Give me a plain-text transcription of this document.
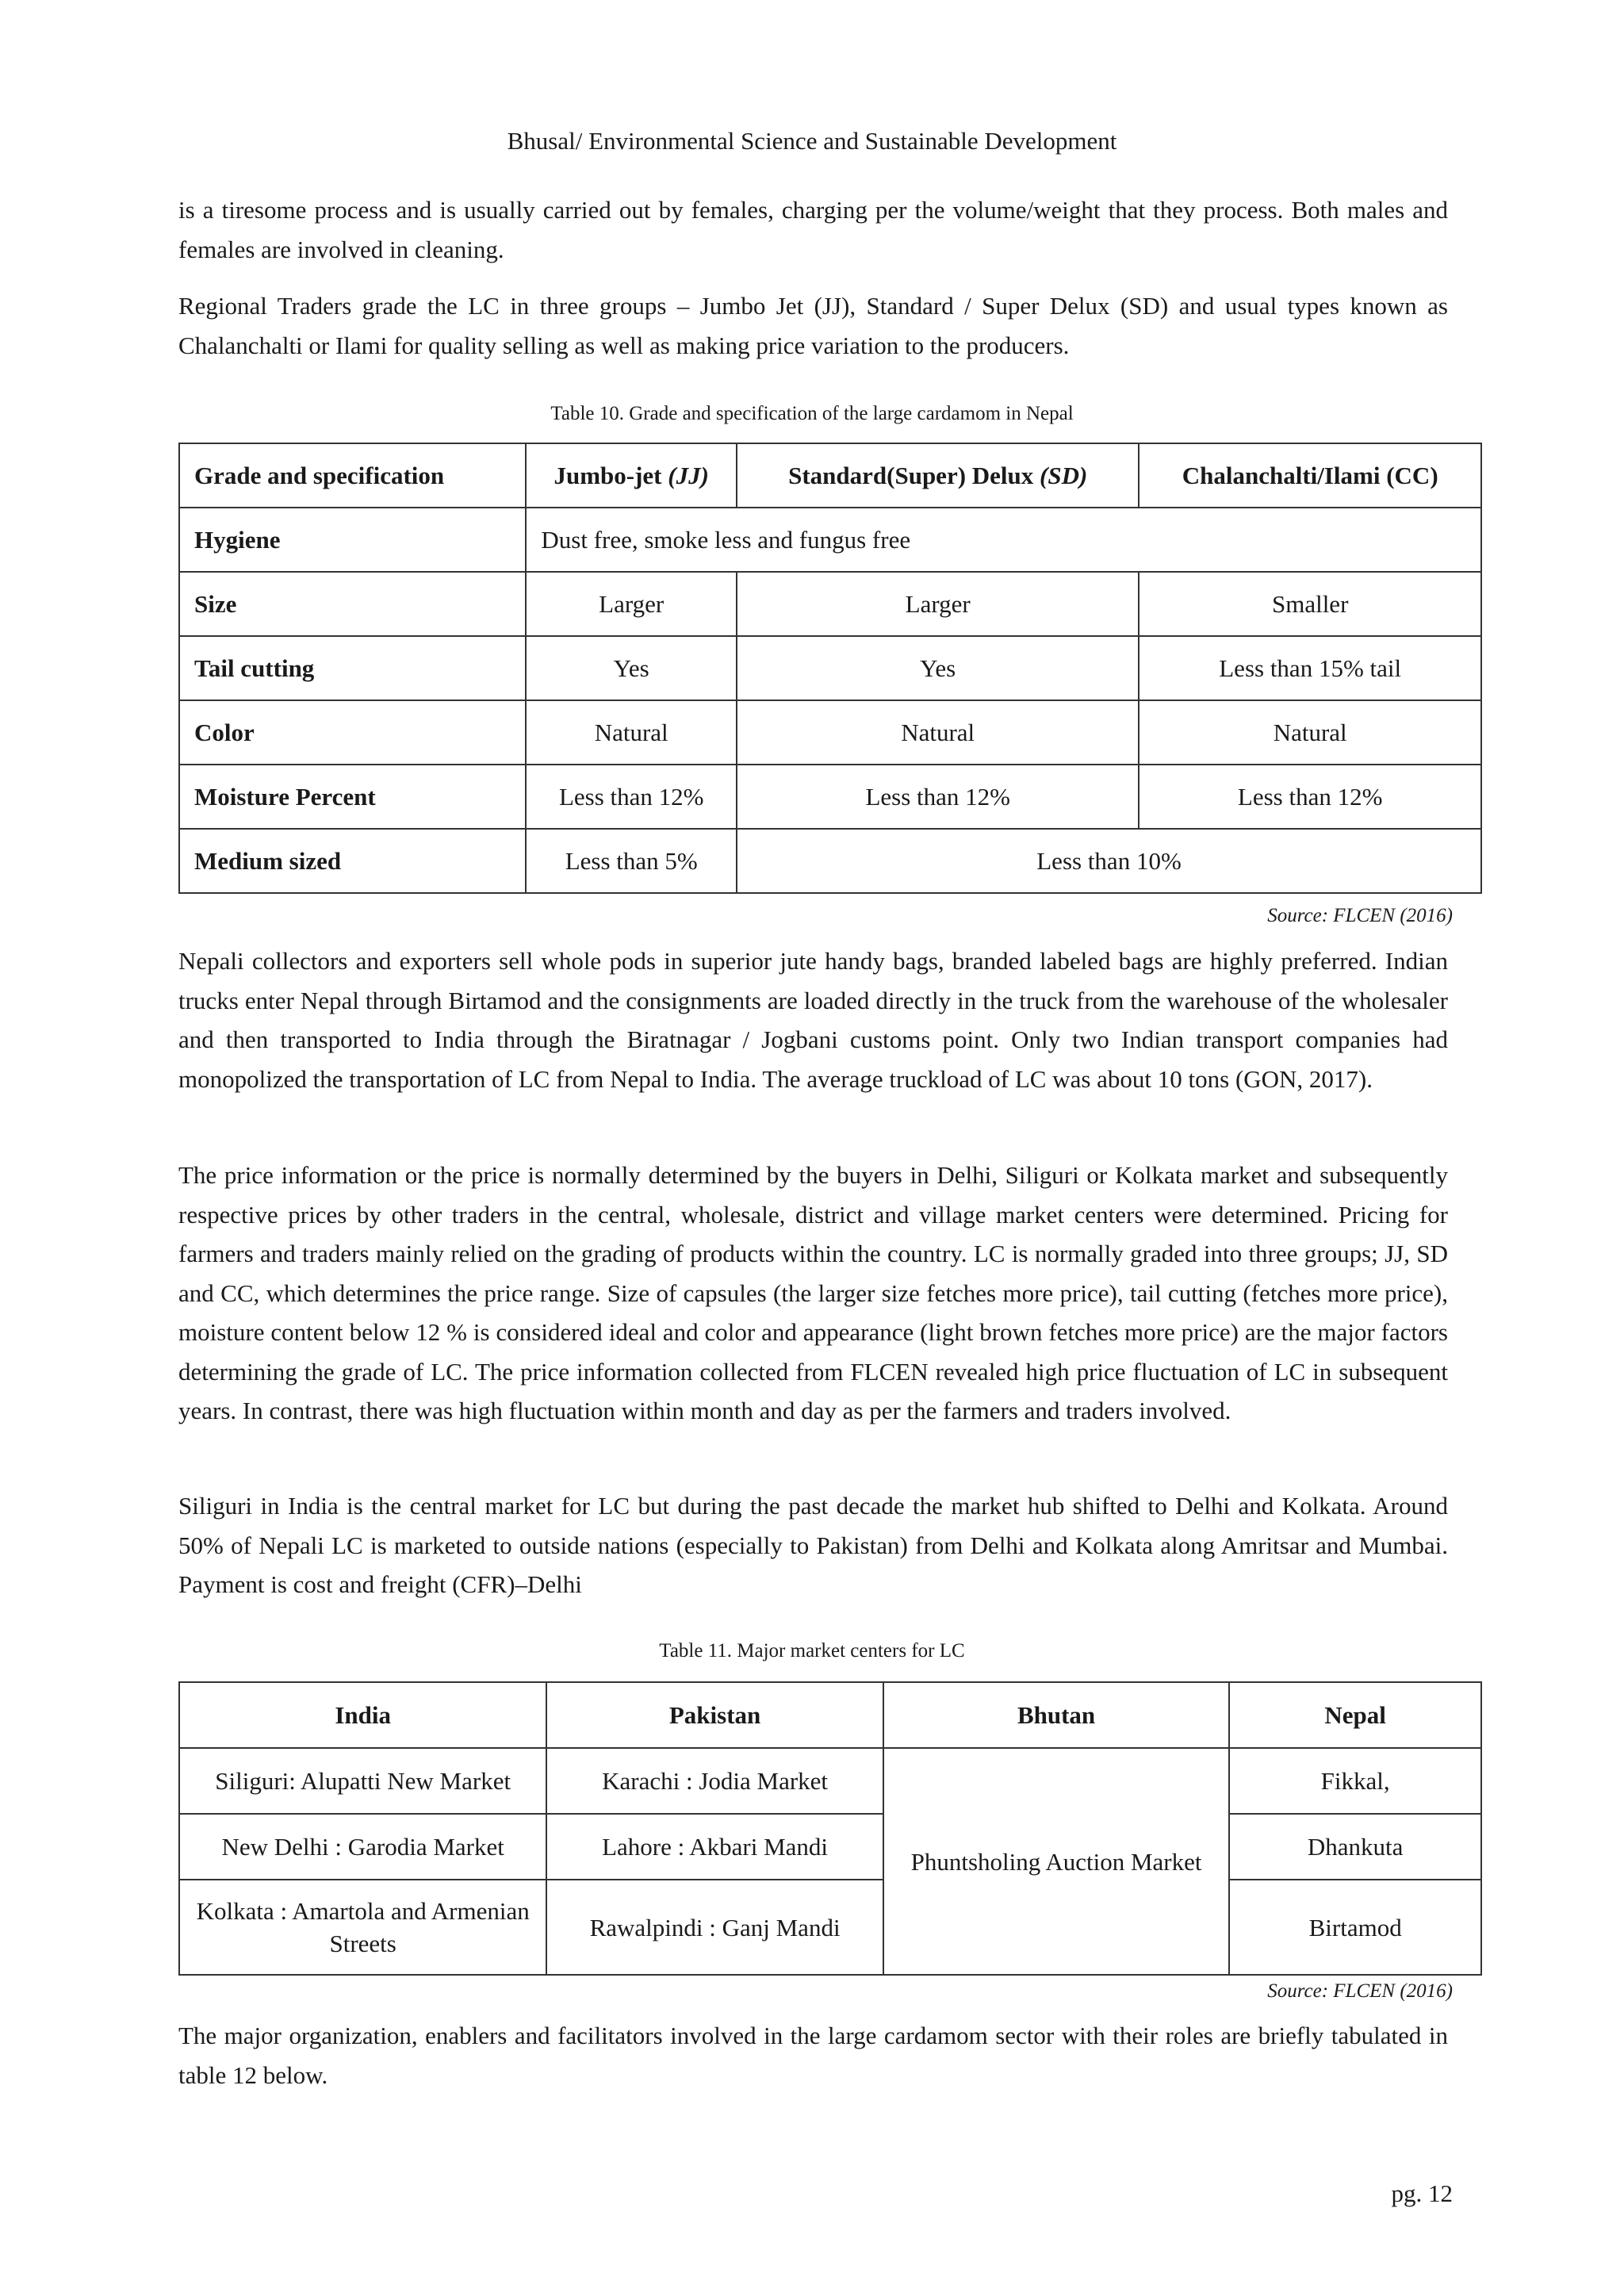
Bhusal/ Environmental Science and Sustainable Development

is a tiresome process and is usually carried out by females, charging per the volume/weight that they process. Both males and females are involved in cleaning.

Regional Traders grade the LC in three groups – Jumbo Jet (JJ), Standard / Super Delux (SD) and usual types known as Chalanchalti or Ilami for quality selling as well as making price variation to the producers.

Table 10. Grade and specification of the large cardamom in Nepal
Grade and specification	Jumbo-jet (JJ)	Standard(Super) Delux (SD)	Chalanchalti/Ilami (CC)
Hygiene	Dust free, smoke less and fungus free		
Size	Larger	Larger	Smaller
Tail cutting	Yes	Yes	Less than 15% tail
Color	Natural	Natural	Natural
Moisture Percent	Less than 12%	Less than 12%	Less than 12%
Medium sized	Less than 5%	Less than 10%	
Source: FLCEN (2016)

Nepali collectors and exporters sell whole pods in superior jute handy bags, branded labeled bags are highly preferred. Indian trucks enter Nepal through Birtamod and the consignments are loaded directly in the truck from the warehouse of the wholesaler and then transported to India through the Biratnagar / Jogbani customs point. Only two Indian transport companies had monopolized the transportation of LC from Nepal to India. The average truckload of LC was about 10 tons (GON, 2017).

The price information or the price is normally determined by the buyers in Delhi, Siliguri or Kolkata market and subsequently respective prices by other traders in the central, wholesale, district and village market centers were determined. Pricing for farmers and traders mainly relied on the grading of products within the country. LC is normally graded into three groups; JJ, SD and CC, which determines the price range. Size of capsules (the larger size fetches more price), tail cutting (fetches more price), moisture content below 12 % is considered ideal and color and appearance (light brown fetches more price) are the major factors determining the grade of LC. The price information collected from FLCEN revealed high price fluctuation of LC in subsequent years. In contrast, there was high fluctuation within month and day as per the farmers and traders involved.

Siliguri in India is the central market for LC but during the past decade the market hub shifted to Delhi and Kolkata. Around 50% of Nepali LC is marketed to outside nations (especially to Pakistan) from Delhi and Kolkata along Amritsar and Mumbai. Payment is cost and freight (CFR)–Delhi

Table 11. Major market centers for LC
India	Pakistan	Bhutan	Nepal
Siliguri: Alupatti New Market	Karachi : Jodia Market	Phuntsholing Auction Market	Fikkal,
New Delhi : Garodia Market	Lahore : Akbari Mandi		Dhankuta
Kolkata : Amartola and Armenian Streets	Rawalpindi : Ganj Mandi		Birtamod
Source: FLCEN (2016)

The major organization, enablers and facilitators involved in the large cardamom sector with their roles are briefly tabulated in table 12 below.

pg. 12
